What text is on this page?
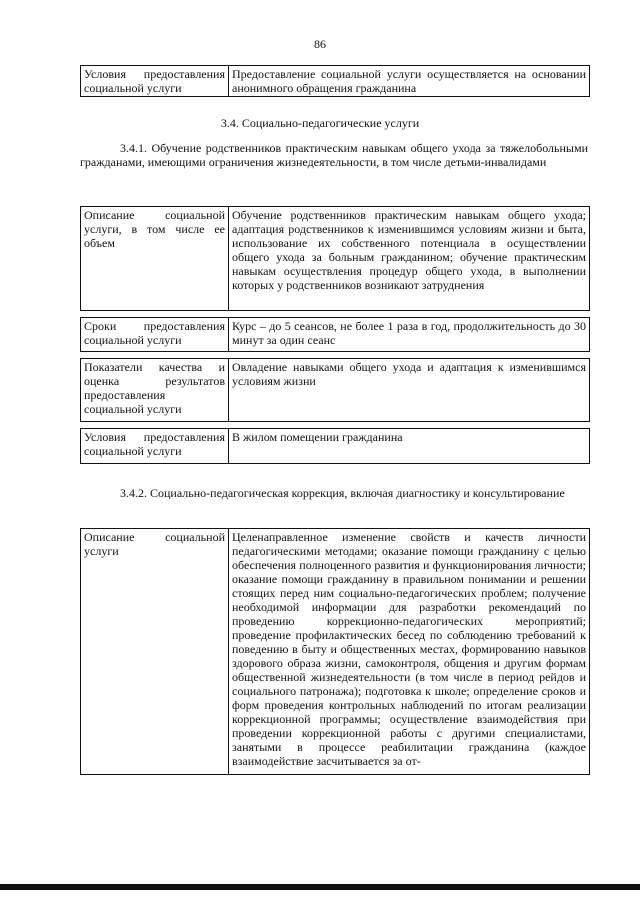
86
Условия предоставления социальной услуги	Предоставление социальной услуги осуществляется на основании анонимного обращения гражданина
3.4. Социально-педагогические услуги
3.4.1. Обучение родственников практическим навыкам общего ухода за тяжелобольными гражданами, имеющими ограничения жизнедеятельности, в том числе детьми-инвалидами
Описание социальной услуги, в том числе ее объем	Обучение родственников практическим навыкам общего ухода; адаптация родственников к изменившимся условиям жизни и быта, использование их собственного потенциала в осуществлении общего ухода за больным гражданином; обучение практическим навыкам осуществления процедур общего ухода, в выполнении которых у родственников возникают затруднения

Сроки предоставления социальной услуги	Курс – до 5 сеансов, не более 1 раза в год, продолжительность до 30 минут за один сеанс

Показатели качества и оценка результатов предоставления социальной услуги	Овладение навыками общего ухода и адаптация к изменившимся условиям жизни

Условия предоставления социальной услуги	В жилом помещении гражданина
3.4.2. Социально-педагогическая коррекция, включая диагностику и консультирование
Описание социальной услуги	Целенаправленное изменение свойств и качеств личности педагогическими методами; оказание помощи гражданину с целью обеспечения полноценного развития и функционирования личности; оказание помощи гражданину в правильном понимании и решении стоящих перед ним социально-педагогических проблем; получение необходимой информации для разработки рекомендаций по проведению коррекционно-педагогических мероприятий; проведение профилактических бесед по соблюдению требований к поведению в быту и общественных местах, формированию навыков здорового образа жизни, самоконтроля, общения и другим формам общественной жизнедеятельности (в том числе в период рейдов и социального патронажа); подготовка к школе; определение сроков и форм проведения контрольных наблюдений по итогам реализации коррекционной программы; осуществление взаимодействия при проведении коррекционной работы с другими специалистами, занятыми в процессе реабилитации гражданина (каждое взаимодействие засчитывается за от-
